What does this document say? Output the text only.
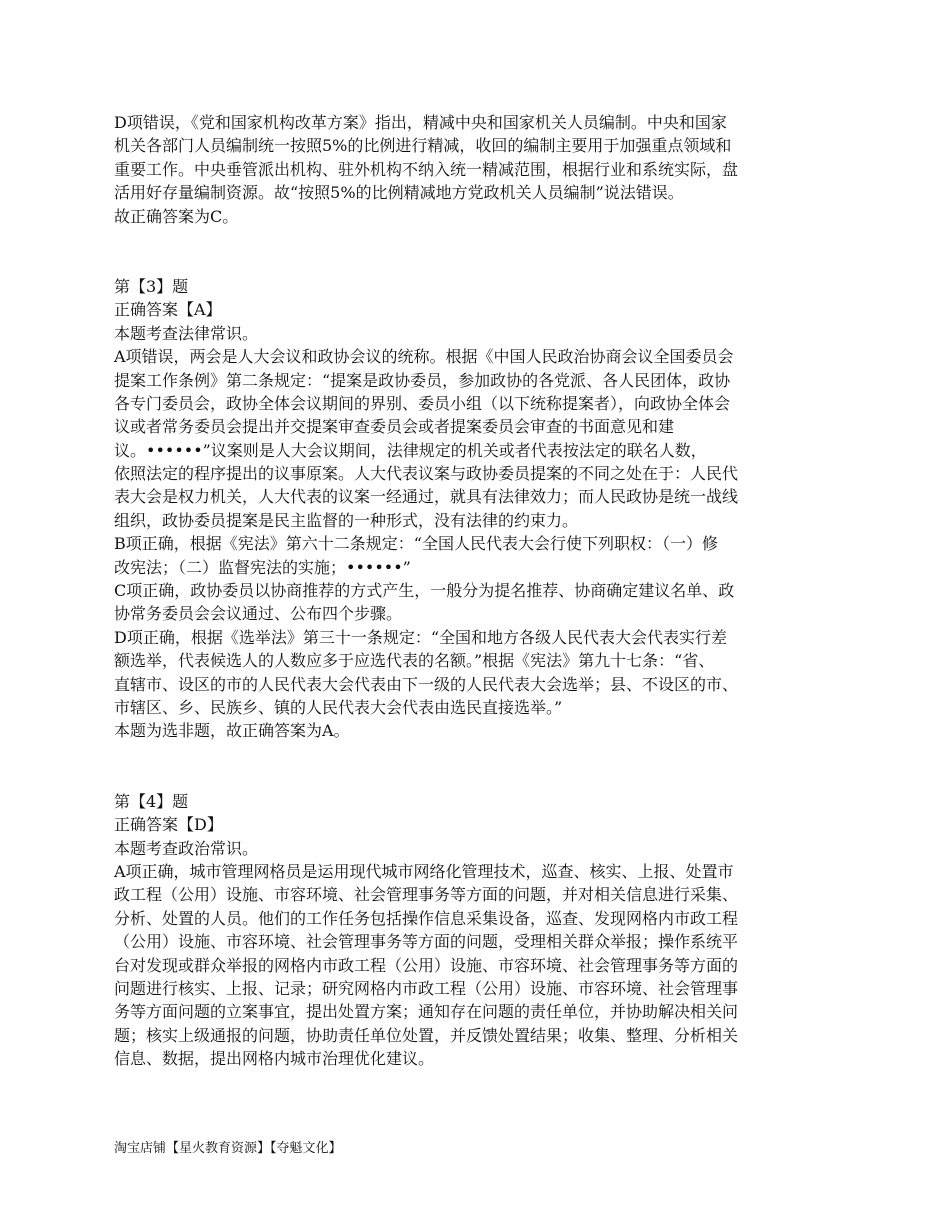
D项错误，《党和国家机构改革方案》指出，精减中央和国家机关人员编制。中央和国家
机关各部门人员编制统一按照5%的比例进行精减，收回的编制主要用于加强重点领域和
重要工作。中央垂管派出机构、驻外机构不纳入统一精减范围，根据行业和系统实际，盘
活用好存量编制资源。故“按照5%的比例精减地方党政机关人员编制”说法错误。
故正确答案为C。
第【3】题
正确答案【A】
本题考查法律常识。
A项错误，两会是人大会议和政协会议的统称。根据《中国人民政治协商会议全国委员会
提案工作条例》第二条规定：“提案是政协委员，参加政协的各党派、各人民团体，政协
各专门委员会，政协全体会议期间的界别、委员小组（以下统称提案者），向政协全体会
议或者常务委员会提出并交提案审查委员会或者提案委员会审查的书面意见和建
议。••••••”议案则是人大会议期间，法律规定的机关或者代表按法定的联名人数，
依照法定的程序提出的议事原案。人大代表议案与政协委员提案的不同之处在于：人民代
表大会是权力机关，人大代表的议案一经通过，就具有法律效力；而人民政协是统一战线
组织，政协委员提案是民主监督的一种形式，没有法律的约束力。
B项正确，根据《宪法》第六十二条规定：“全国人民代表大会行使下列职权：（一）修
改宪法；（二）监督宪法的实施；••••••”
C项正确，政协委员以协商推荐的方式产生，一般分为提名推荐、协商确定建议名单、政
协常务委员会会议通过、公布四个步骤。
D项正确，根据《选举法》第三十一条规定：“全国和地方各级人民代表大会代表实行差
额选举，代表候选人的人数应多于应选代表的名额。”根据《宪法》第九十七条：“省、
直辖市、设区的市的人民代表大会代表由下一级的人民代表大会选举；县、不设区的市、
市辖区、乡、民族乡、镇的人民代表大会代表由选民直接选举。”
本题为选非题，故正确答案为A。
第【4】题
正确答案【D】
本题考查政治常识。
A项正确，城市管理网格员是运用现代城市网络化管理技术，巡查、核实、上报、处置市
政工程（公用）设施、市容环境、社会管理事务等方面的问题，并对相关信息进行采集、
分析、处置的人员。他们的工作任务包括操作信息采集设备，巡查、发现网格内市政工程
（公用）设施、市容环境、社会管理事务等方面的问题，受理相关群众举报；操作系统平
台对发现或群众举报的网格内市政工程（公用）设施、市容环境、社会管理事务等方面的
问题进行核实、上报、记录；研究网格内市政工程（公用）设施、市容环境、社会管理事
务等方面问题的立案事宜，提出处置方案；通知存在问题的责任单位，并协助解决相关问
题；核实上级通报的问题，协助责任单位处置，并反馈处置结果；收集、整理、分析相关
信息、数据，提出网格内城市治理优化建议。
淘宝店铺【星火教育资源】【夺魁文化】
